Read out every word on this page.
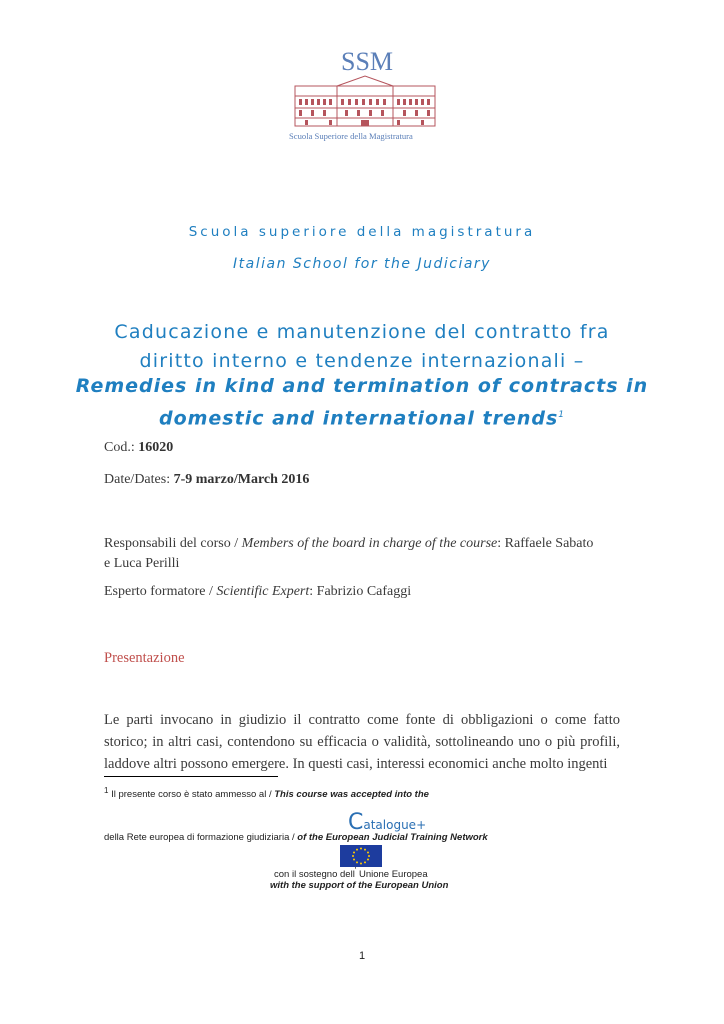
SSM
Scuola Superiore della Magistratura
Scuola superiore della magistratura
Italian School for the Judiciary
Caducazione e manutenzione del contratto fra
diritto interno e tendenze internazionali –
Remedies in kind and termination of contracts in
domestic and international trends$^1$
Cod.: 16020
Date/Dates: 7-9 marzo/March 2016
Responsabili del corso / Members of the board in charge of the course: Raffaele Sabato
e Luca Perilli
Esperto formatore / Scientific Expert: Fabrizio Cafaggi
Presentazione
Le parti invocano in giudizio il contratto come fonte di obbligazioni o come fatto storico; in altri casi, contendono su efficacia o validità, sottolineando uno o più profili, laddove altri possono emergere. In questi casi, interessi economici anche molto ingenti
$^1$ Il presente corso è stato ammesso al / This course was accepted into the
Catalogue+
della Rete europea di formazione giudiziaria / of the European Judicial Training Network
con il sostegno dell' Unione Europea
with the support of the European Union
1
